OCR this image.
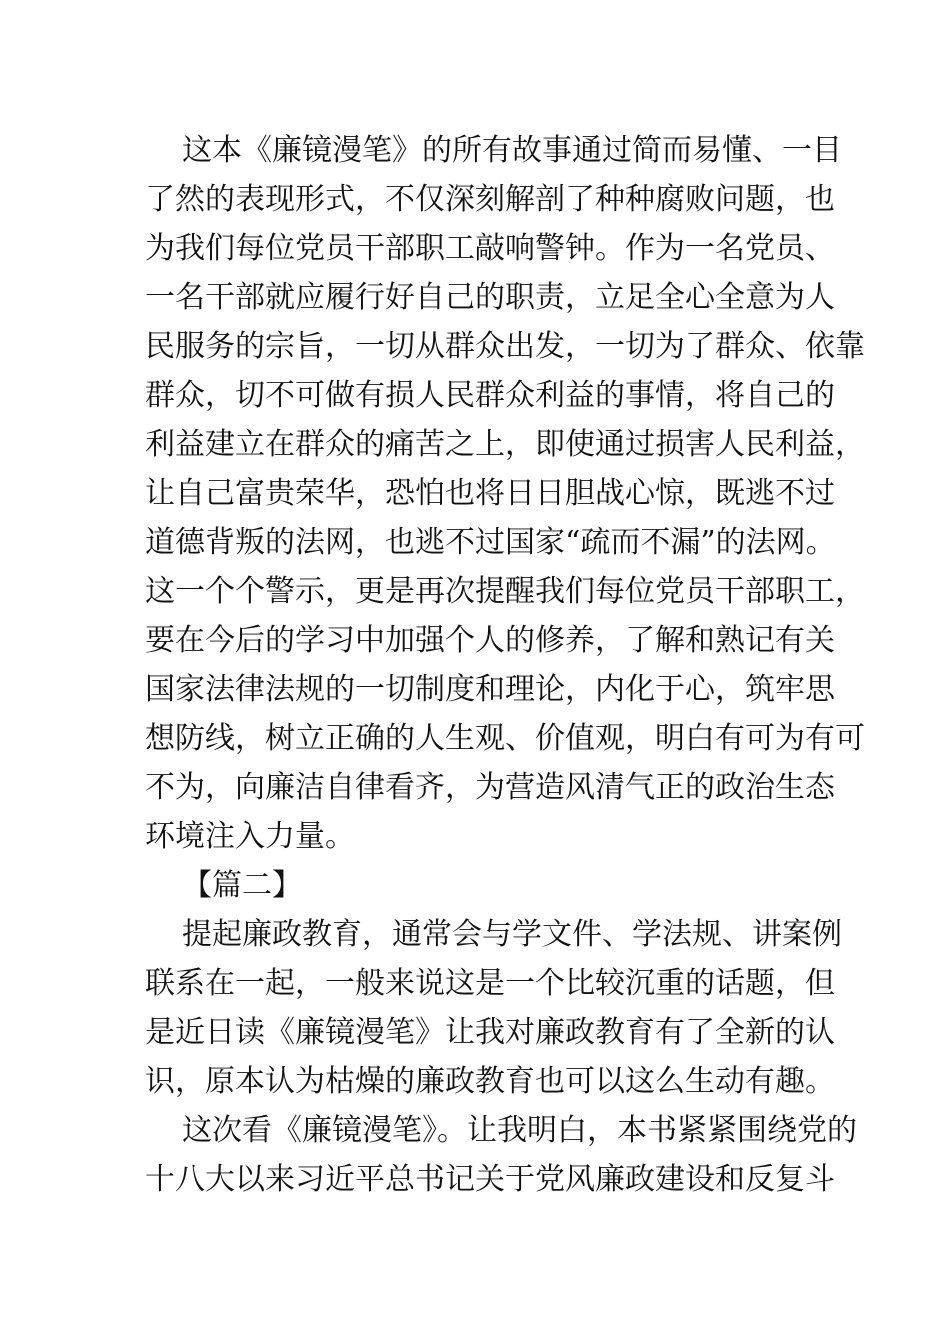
这本《廉镜漫笔》的所有故事通过简而易懂、一目
了然的表现形式，不仅深刻解剖了种种腐败问题，也
为我们每位党员干部职工敲响警钟。作为一名党员、
一名干部就应履行好自己的职责，立足全心全意为人
民服务的宗旨，一切从群众出发，一切为了群众、依靠
群众，切不可做有损人民群众利益的事情，将自己的
利益建立在群众的痛苦之上，即使通过损害人民利益，
让自己富贵荣华，恐怕也将日日胆战心惊，既逃不过
道德背叛的法网，也逃不过国家“疏而不漏”的法网。
这一个个警示，更是再次提醒我们每位党员干部职工，
要在今后的学习中加强个人的修养，了解和熟记有关
国家法律法规的一切制度和理论，内化于心，筑牢思
想防线，树立正确的人生观、价值观，明白有可为有可
不为，向廉洁自律看齐，为营造风清气正的政治生态
环境注入力量。
【篇二】
提起廉政教育，通常会与学文件、学法规、讲案例
联系在一起，一般来说这是一个比较沉重的话题，但
是近日读《廉镜漫笔》让我对廉政教育有了全新的认
识，原本认为枯燥的廉政教育也可以这么生动有趣。
这次看《廉镜漫笔》。让我明白，本书紧紧围绕党的
十八大以来习近平总书记关于党风廉政建设和反复斗
